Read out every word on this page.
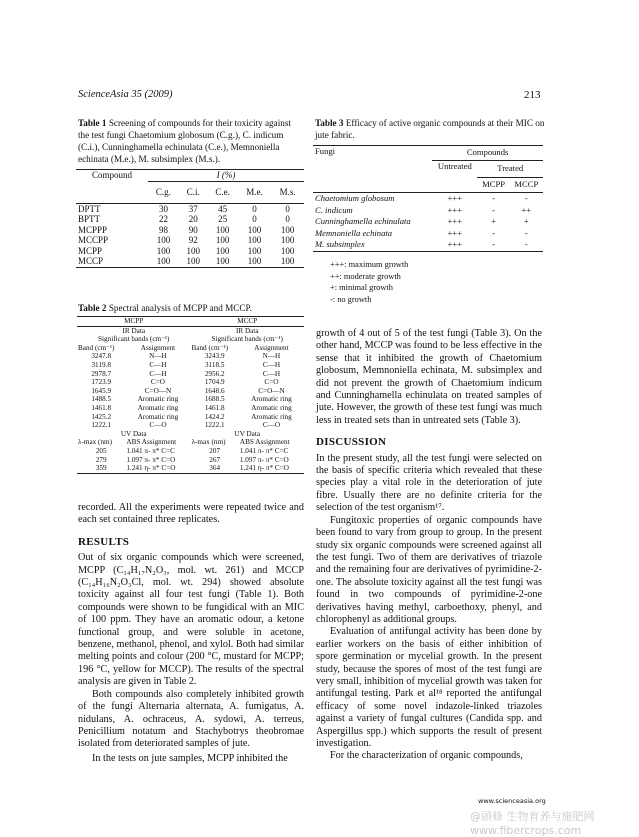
ScienceAsia 35 (2009)	213
Table 1 Screening of compounds for their toxicity against the test fungi Chaetomium globosum (C.g.), C. indicum (C.i.), Cunninghamella echinulata (C.e.), Memnoniella echinata (M.e.), M. subsimplex (M.s.).
Compound	I (%)				
	C.g.	C.i.	C.e.	M.e.	M.s.
DPTT	30	37	45	0	0
BPTT	22	20	25	0	0
MCPPP	98	90	100	100	100
MCCPP	100	92	100	100	100
MCPP	100	100	100	100	100
MCCP	100	100	100	100	100
Table 2 Spectral analysis of MCPP and MCCP.
MCPP		MCCP	
IR Data		IR Data	
Significant bands (cm⁻¹)		Significant bands (cm⁻¹)	
Band (cm⁻¹)	Assignment	Band (cm⁻¹)	Assignment
3247.8	N—H	3243.9	N—H
3119.8	C—H	3118.5	C—H
2978.7	C—H	2956.2	C—H
1723.9	C=O	1704.9	C=O
1645.9	C=O—N	1648.6	C=O—N
1488.5	Aromatic ring	1688.5	Aromatic ring
1461.8	Aromatic ring	1461.8	Aromatic ring
1425.2	Aromatic ring	1424.2	Aromatic ring
1222.1	C—O	1222.1	C—O
UV Data		UV Data	
λ-max (nm)	ABS Assignment	λ-max (nm)	ABS Assignment
205	1.041 π- π* C=C	207	1.041 π- π* C=C
279	1.097 π- π* C=O	267	1.097 π- π* C=O
359	1.241 η- π* C=O	364	1.241 η- π* C=O
Table 3 Efficacy of active organic compounds at their MIC on jute fabric.
Fungi	Compounds		
	Untreated	Treated	
		MCPP	MCCP
Chaetomium globosum	+++	-	-
C. indicum	+++	-	++
Cunninghamella echinulata	+++	+	+
Memnoniella echinata	+++	-	-
M. subsimplex	+++	-	-
+++: maximum growth
++: moderate growth
+: minimal growth
-: no growth

recorded. All the experiments were repeated twice and each set contained three replicates.

RESULTS

Out of six organic compounds which were screened, MCPP (C₁₄H₁₇N₂O₃, mol. wt. 261) and MCCP (C₁₄H₁₆N₂O₃Cl, mol. wt. 294) showed absolute toxicity against all four test fungi (Table 1). Both compounds were shown to be fungidical with an MIC of 100 ppm. They have an aromatic odour, a ketone functional group, and were soluble in acetone, benzene, methanol, phenol, and xylol. Both had similar melting points and colour (200 °C, mustard for MCPP; 196 °C, yellow for MCCP). The results of the spectral analysis are given in Table 2.

Both compounds also completely inhibited growth of the fungi Alternaria alternata, A. fumigatus, A. nidulans, A. ochraceus, A. sydowi, A. terreus, Penicillium notatum and Stachybotrys theobromae isolated from deteriorated samples of jute.

In the tests on jute samples, MCPP inhibited the

growth of 4 out of 5 of the test fungi (Table 3). On the other hand, MCCP was found to be less effective in the sense that it inhibited the growth of Chaetomium globosum, Memnoniella echinata, M. subsimplex and did not prevent the growth of Chaetomium indicum and Cunninghamella echinulata on treated samples of jute. However, the growth of these test fungi was much less in treated sets than in untreated sets (Table 3).

DISCUSSION

In the present study, all the test fungi were selected on the basis of specific criteria which revealed that these species play a vital role in the deterioration of jute fibre. Usually there are no definite criteria for the selection of the test organism¹⁷.

Fungitoxic properties of organic compounds have been found to vary from group to group. In the present study six organic compounds were screened against all the test fungi. Two of them are derivatives of triazole and the remaining four are derivatives of pyrimidine-2-one. The absolute toxicity against all the test fungi was found in two compounds of pyrimidine-2-one derivatives having methyl, carboethoxy, phenyl, and chlorophenyl as additional groups.

Evaluation of antifungal activity has been done by earlier workers on the basis of either inhibition of spore germination or mycelial growth. In the present study, because the spores of most of the test fungi are very small, inhibition of mycelial growth was taken for antifungal testing. Park et al¹⁸ reported the antifungal efficacy of some novel indazole-linked triazoles against a variety of fungal cultures (Candida spp. and Aspergillus spp.) which supports the result of present investigation.

For the characterization of organic compounds,

www.scienceasia.org
@頭條 生物育养与施肥网 www.fibercrops.com
